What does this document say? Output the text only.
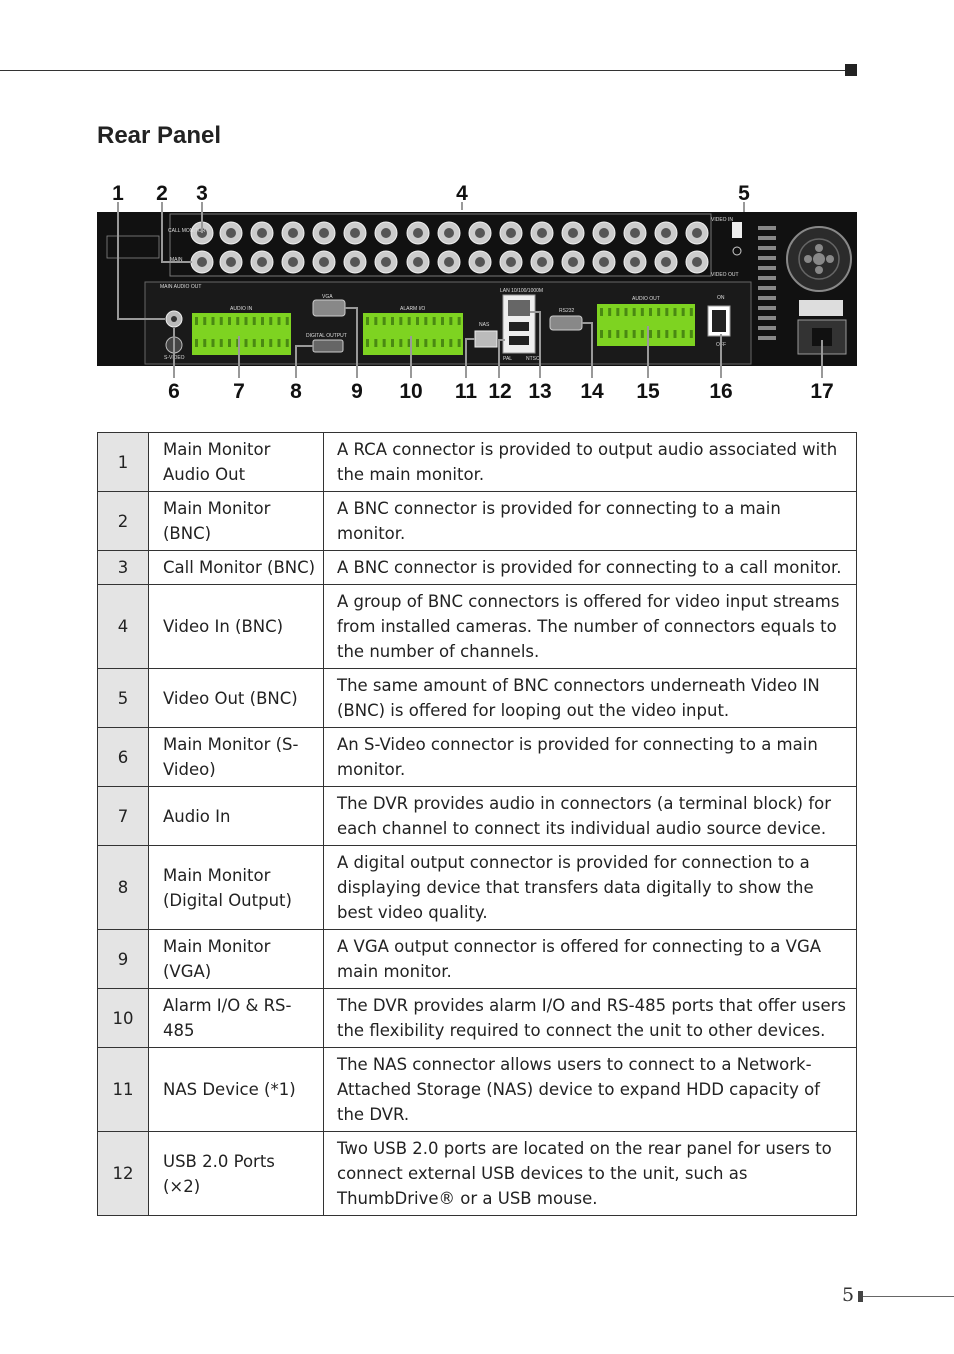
Rear Panel
CALL MONITOR
MAIN
MAIN AUDIO OUT
AUDIO IN
VGA
DIGITAL OUTPUT
ALARM I/O
NAS
LAN 10/100/1000M
RS232
AUDIO OUT
VIDEO IN
VIDEO OUT
ON
OFF
S-VIDEO	PAL	NTSC
1 2 3	4	5
6	7 8 9 10 11 12 13 14 15 16	17
1	Main Monitor Audio Out	A RCA connector is provided to output audio associated with the main monitor.
2	Main Monitor (BNC)	A BNC connector is provided for connecting to a main monitor.
3	Call Monitor (BNC)	A BNC connector is provided for connecting to a call monitor.
4	Video In (BNC)	A group of BNC connectors is offered for video input streams from installed cameras. The number of connectors equals to the number of channels.
5	Video Out (BNC)	The same amount of BNC connectors underneath Video IN (BNC) is offered for looping out the video input.
6	Main Monitor (S-Video)	An S-Video connector is provided for connecting to a main monitor.
7	Audio In	The DVR provides audio in connectors (a terminal block) for each channel to connect its individual audio source device.
8	Main Monitor (Digital Output)	A digital output connector is provided for connection to a displaying device that transfers data digitally to show the best video quality.
9	Main Monitor (VGA)	A VGA output connector is offered for connecting to a VGA main monitor.
10	Alarm I/O & RS-485	The DVR provides alarm I/O and RS-485 ports that offer users the flexibility required to connect the unit to other devices.
11	NAS Device (*1)	The NAS connector allows users to connect to a Network-Attached Storage (NAS) device to expand HDD capacity of the DVR.
12	USB 2.0 Ports (×2)	Two USB 2.0 ports are located on the rear panel for users to connect external USB devices to the unit, such as ThumbDrive® or a USB mouse.
5
